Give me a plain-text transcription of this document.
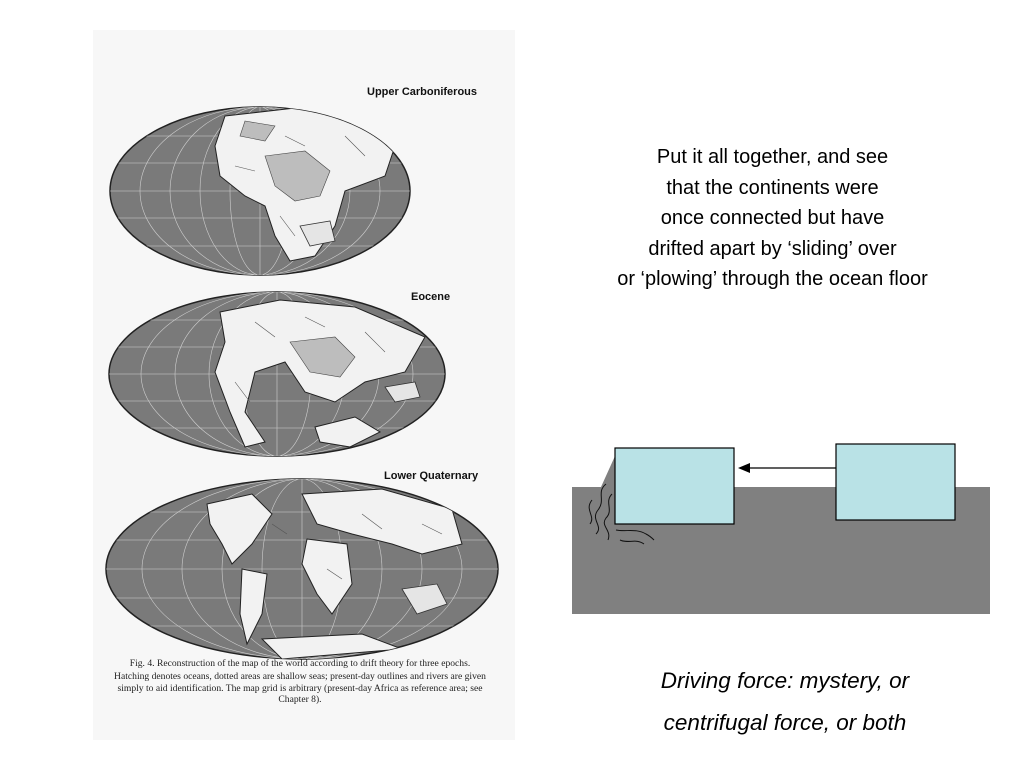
Upper Carboniferous
Eocene
Lower Quaternary
Fig. 4. Reconstruction of the map of the world according to drift theory for three epochs.
Hatching denotes oceans, dotted areas are shallow seas; present-day outlines and rivers are given simply to aid identification. The map grid is arbitrary (present-day Africa as reference area; see Chapter 8).
Put it all together, and see
that the continents were
once connected but have
drifted apart by ‘sliding’ over
or ‘plowing’ through the ocean floor
Driving force: mystery, or
centrifugal force, or both
